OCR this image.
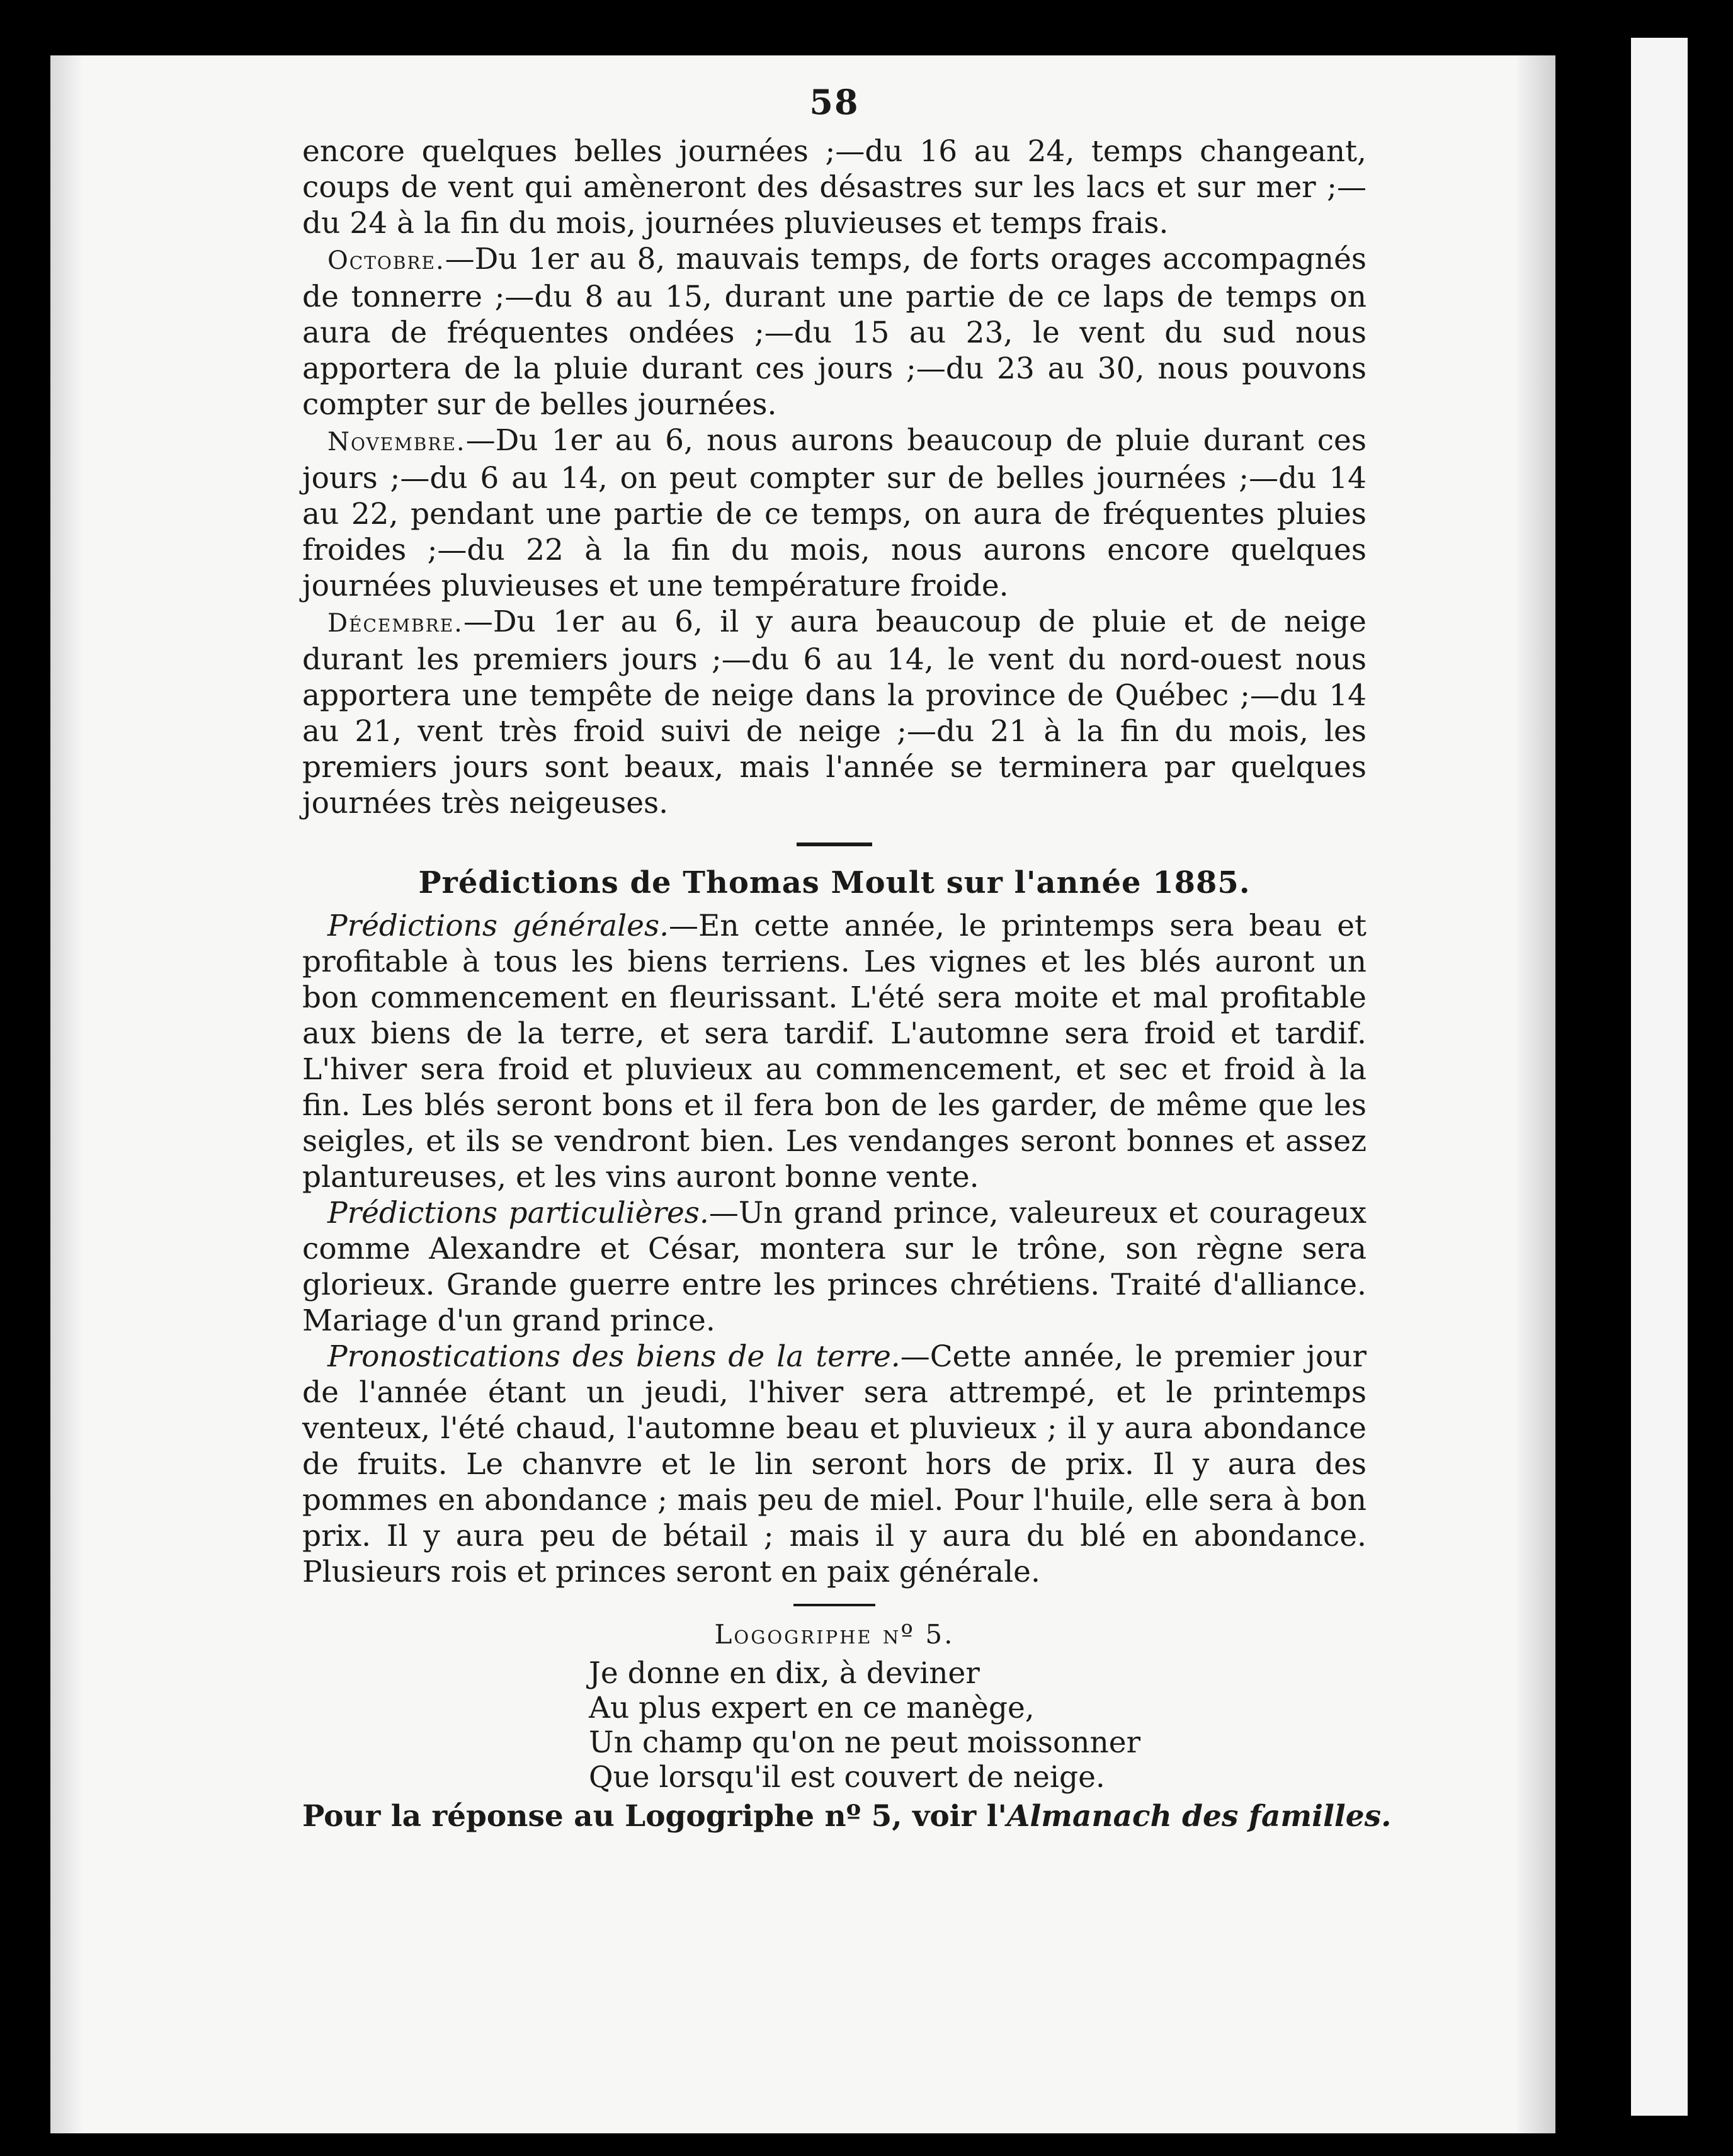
58

encore quelques belles journées ;—du 16 au 24, temps changeant, coups de vent qui amèneront des désastres sur les lacs et sur mer ;— du 24 à la fin du mois, journées pluvieuses et temps frais.

Octobre.—Du 1er au 8, mauvais temps, de forts orages accompagnés de tonnerre ;—du 8 au 15, durant une partie de ce laps de temps on aura de fréquentes ondées ;—du 15 au 23, le vent du sud nous apportera de la pluie durant ces jours ;—du 23 au 30, nous pouvons compter sur de belles journées.

Novembre.—Du 1er au 6, nous aurons beaucoup de pluie durant ces jours ;—du 6 au 14, on peut compter sur de belles journées ;—du 14 au 22, pendant une partie de ce temps, on aura de fréquentes pluies froides ;—du 22 à la fin du mois, nous aurons encore quelques journées pluvieuses et une température froide.

Décembre.—Du 1er au 6, il y aura beaucoup de pluie et de neige durant les premiers jours ;—du 6 au 14, le vent du nord-ouest nous apportera une tempête de neige dans la province de Québec ;—du 14 au 21, vent très froid suivi de neige ;—du 21 à la fin du mois, les premiers jours sont beaux, mais l'année se terminera par quelques journées très neigeuses.

Prédictions de Thomas Moult sur l'année 1885.

Prédictions générales.—En cette année, le printemps sera beau et profitable à tous les biens terriens. Les vignes et les blés auront un bon commencement en fleurissant. L'été sera moite et mal profitable aux biens de la terre, et sera tardif. L'automne sera froid et tardif. L'hiver sera froid et pluvieux au commencement, et sec et froid à la fin. Les blés seront bons et il fera bon de les garder, de même que les seigles, et ils se vendront bien. Les vendanges seront bonnes et assez plantureuses, et les vins auront bonne vente.

Prédictions particulières.—Un grand prince, valeureux et courageux comme Alexandre et César, montera sur le trône, son règne sera glorieux. Grande guerre entre les princes chrétiens. Traité d'alliance. Mariage d'un grand prince.

Pronostications des biens de la terre.—Cette année, le premier jour de l'année étant un jeudi, l'hiver sera attrempé, et le printemps venteux, l'été chaud, l'automne beau et pluvieux ; il y aura abondance de fruits. Le chanvre et le lin seront hors de prix. Il y aura des pommes en abondance ; mais peu de miel. Pour l'huile, elle sera à bon prix. Il y aura peu de bétail ; mais il y aura du blé en abondance. Plusieurs rois et princes seront en paix générale.

Logogriphe nº 5.
Je donne en dix, à deviner
Au plus expert en ce manège,
Un champ qu'on ne peut moissonner
Que lorsqu'il est couvert de neige.
Pour la réponse au Logogriphe nº 5, voir l'Almanach des familles.
